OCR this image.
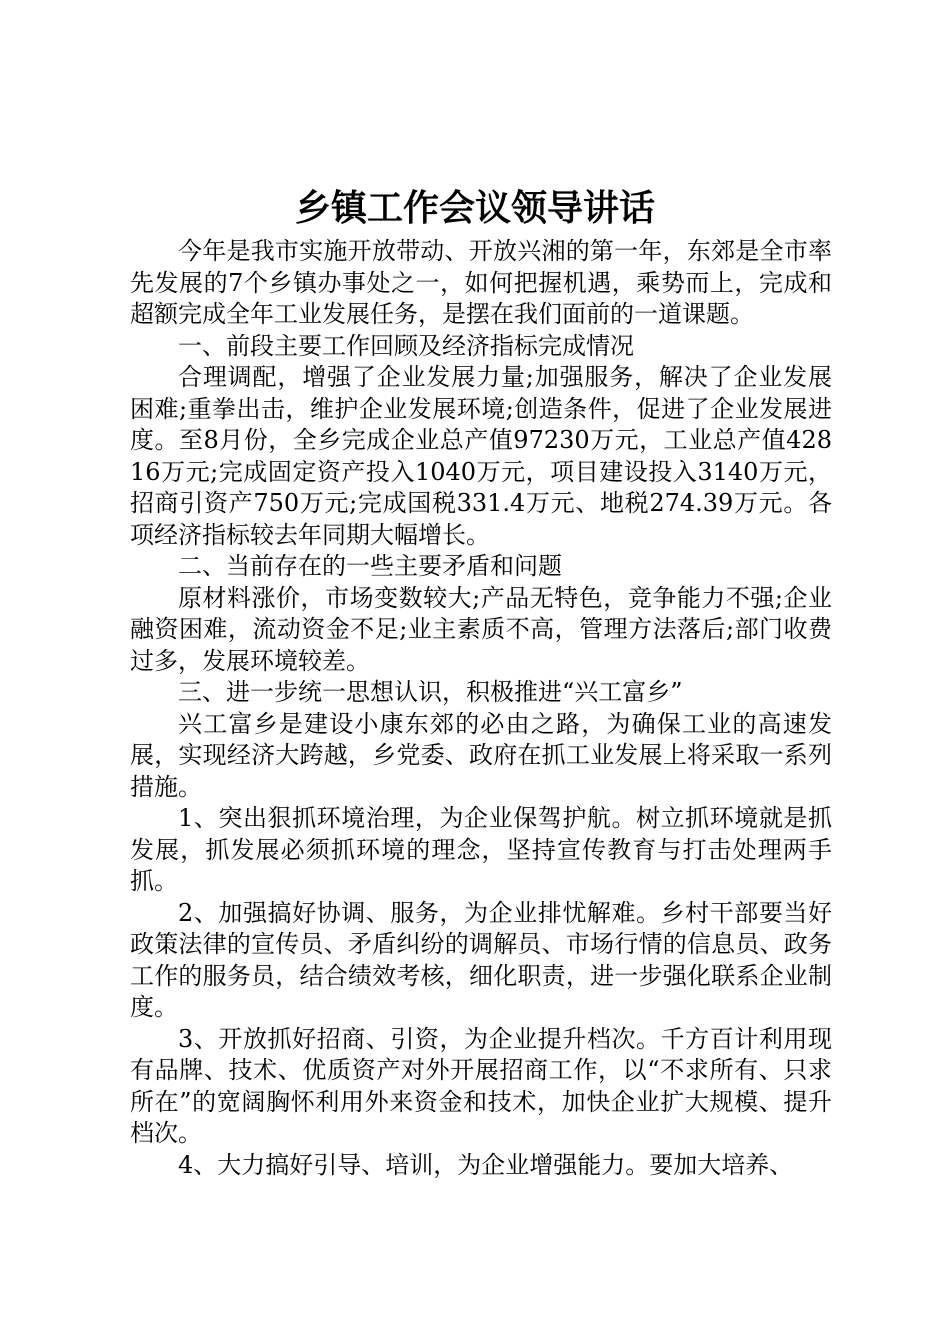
乡镇工作会议领导讲话

今年是我市实施开放带动、开放兴湘的第一年，东郊是全市率先发展的7个乡镇办事处之一，如何把握机遇，乘势而上，完成和超额完成全年工业发展任务，是摆在我们面前的一道课题。

一、前段主要工作回顾及经济指标完成情况

合理调配，增强了企业发展力量;加强服务，解决了企业发展困难;重拳出击，维护企业发展环境;创造条件，促进了企业发展进度。至8月份，全乡完成企业总产值97230万元，工业总产值42816万元;完成固定资产投入1040万元，项目建设投入3140万元，招商引资产750万元;完成国税331.4万元、地税274.39万元。各项经济指标较去年同期大幅增长。

二、当前存在的一些主要矛盾和问题

原材料涨价，市场变数较大;产品无特色，竞争能力不强;企业融资困难，流动资金不足;业主素质不高，管理方法落后;部门收费过多，发展环境较差。

三、进一步统一思想认识，积极推进“兴工富乡”

兴工富乡是建设小康东郊的必由之路，为确保工业的高速发展，实现经济大跨越，乡党委、政府在抓工业发展上将采取一系列措施。

1、突出狠抓环境治理，为企业保驾护航。树立抓环境就是抓发展，抓发展必须抓环境的理念，坚持宣传教育与打击处理两手抓。

2、加强搞好协调、服务，为企业排忧解难。乡村干部要当好政策法律的宣传员、矛盾纠纷的调解员、市场行情的信息员、政务工作的服务员，结合绩效考核，细化职责，进一步强化联系企业制度。

3、开放抓好招商、引资，为企业提升档次。千方百计利用现有品牌、技术、优质资产对外开展招商工作，以“不求所有、只求所在”的宽阔胸怀利用外来资金和技术，加快企业扩大规模、提升档次。

4、大力搞好引导、培训，为企业增强能力。要加大培养、
